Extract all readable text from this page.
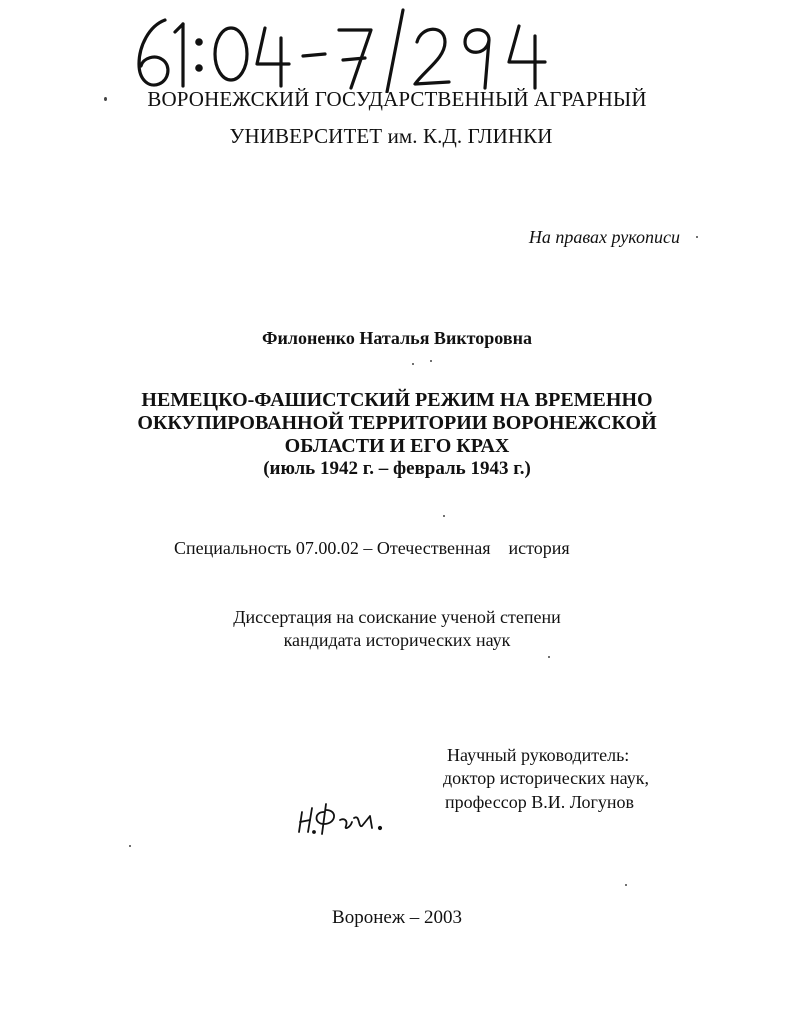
ВОРОНЕЖСКИЙ ГОСУДАРСТВЕННЫЙ АГРАРНЫЙ
УНИВЕРСИТЕТ им. К.Д. ГЛИНКИ
На правах рукописи
Филоненко Наталья Викторовна
НЕМЕЦКО-ФАШИСТСКИЙ РЕЖИМ НА ВРЕМЕННО
ОККУПИРОВАННОЙ ТЕРРИТОРИИ ВОРОНЕЖСКОЙ
ОБЛАСТИ И ЕГО КРАХ
(июль 1942 г. – февраль 1943 г.)
Специальность 07.00.02 – Отечественная    история
Диссертация на соискание ученой степени
кандидата исторических наук
Научный руководитель:
доктор исторических наук,
профессор В.И. Логунов
Воронеж – 2003
